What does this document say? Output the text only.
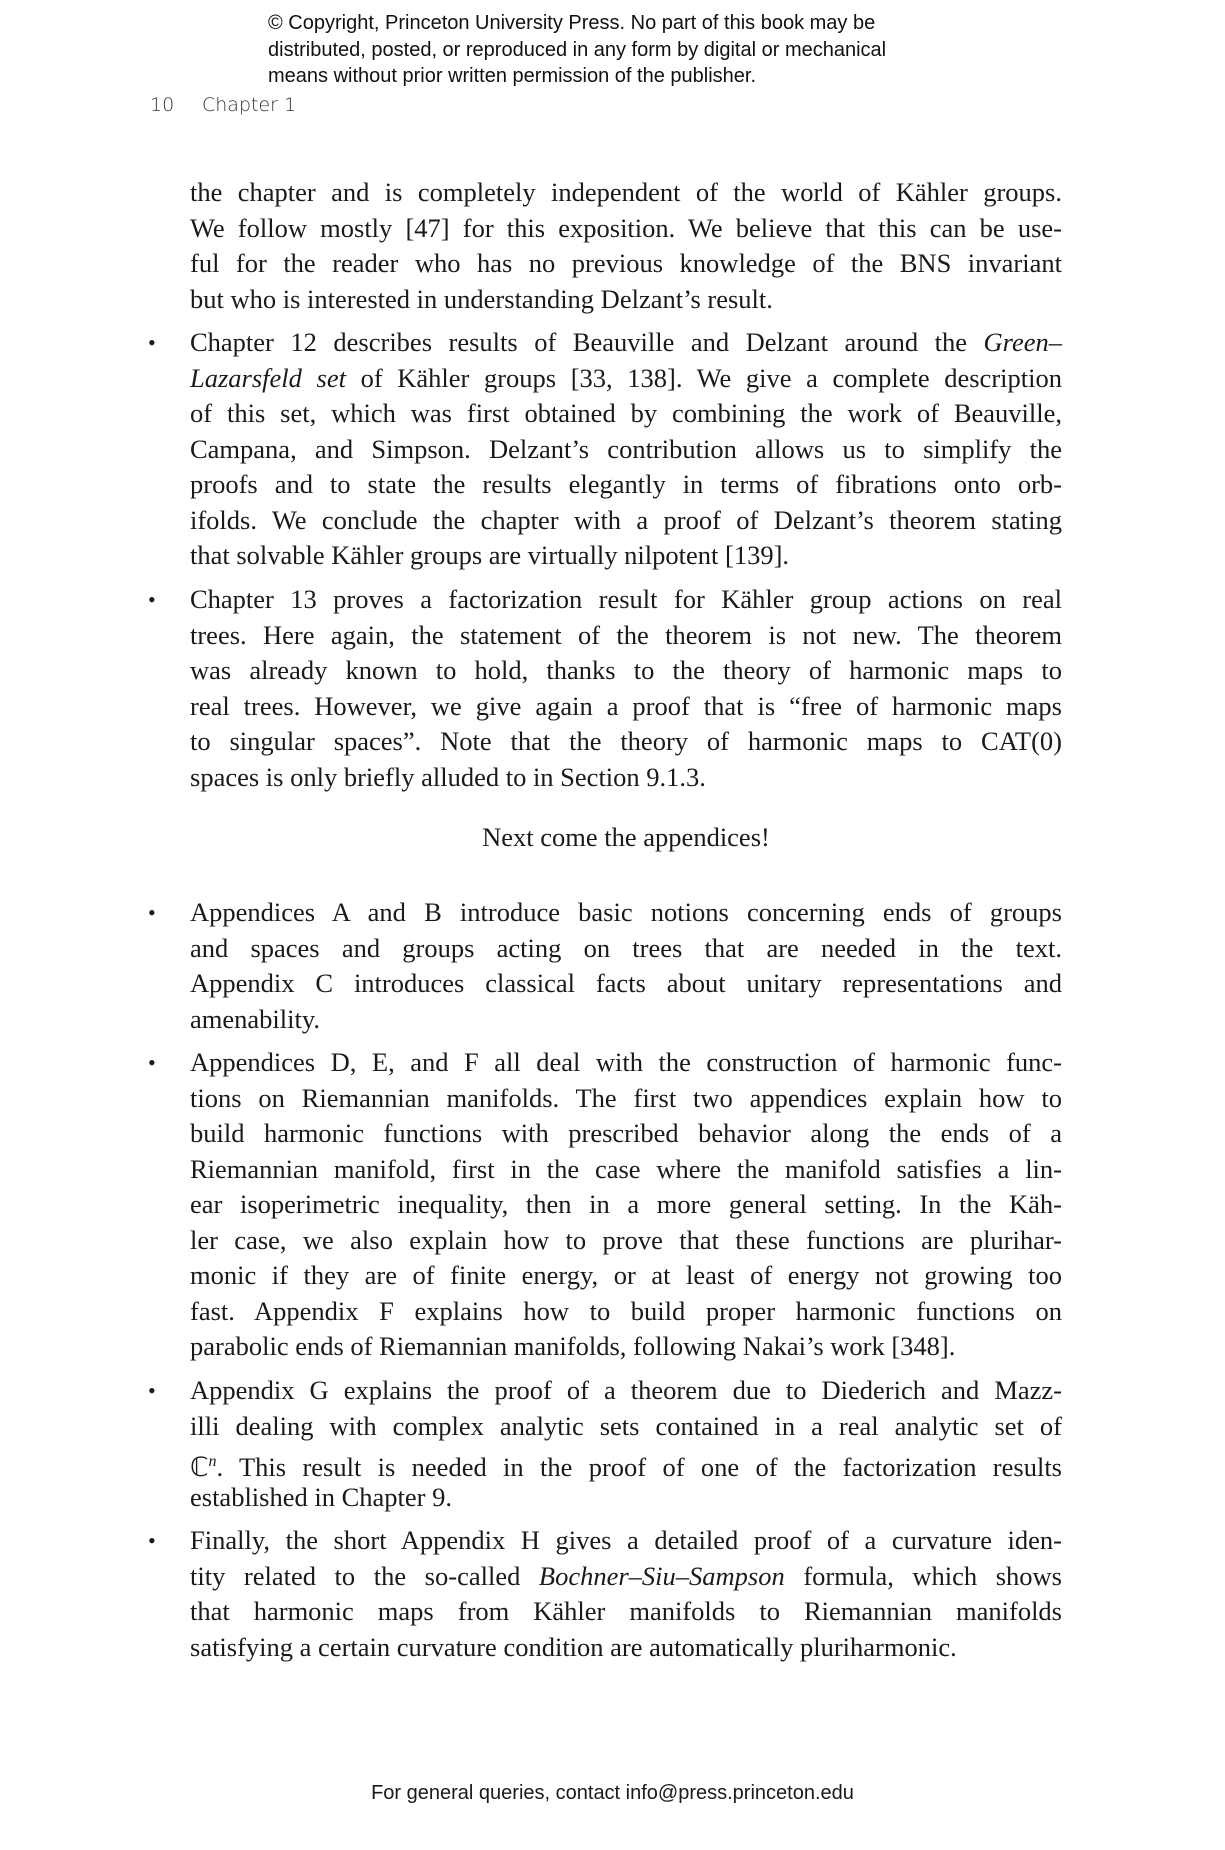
© Copyright, Princeton University Press. No part of this book may be
distributed, posted, or reproduced in any form by digital or mechanical
means without prior written permission of the publisher.
10 Chapter 1
the chapter and is completely independent of the world of Kähler groups.
We follow mostly [47] for this exposition. We believe that this can be use-
ful for the reader who has no previous knowledge of the BNS invariant
but who is interested in understanding Delzant’s result.
• Chapter 12 describes results of Beauville and Delzant around the Green–
Lazarsfeld set of Kähler groups [33, 138]. We give a complete description
of this set, which was first obtained by combining the work of Beauville,
Campana, and Simpson. Delzant’s contribution allows us to simplify the
proofs and to state the results elegantly in terms of fibrations onto orb-
ifolds. We conclude the chapter with a proof of Delzant’s theorem stating
that solvable Kähler groups are virtually nilpotent [139].
• Chapter 13 proves a factorization result for Kähler group actions on real
trees. Here again, the statement of the theorem is not new. The theorem
was already known to hold, thanks to the theory of harmonic maps to
real trees. However, we give again a proof that is “free of harmonic maps
to singular spaces”. Note that the theory of harmonic maps to CAT(0)
spaces is only briefly alluded to in Section 9.1.3.
• Appendices A and B introduce basic notions concerning ends of groups
and spaces and groups acting on trees that are needed in the text.
Appendix C introduces classical facts about unitary representations and
amenability.
• Appendices D, E, and F all deal with the construction of harmonic func-
tions on Riemannian manifolds. The first two appendices explain how to
build harmonic functions with prescribed behavior along the ends of a
Riemannian manifold, first in the case where the manifold satisfies a lin-
ear isoperimetric inequality, then in a more general setting. In the Käh-
ler case, we also explain how to prove that these functions are plurihar-
monic if they are of finite energy, or at least of energy not growing too
fast. Appendix F explains how to build proper harmonic functions on
parabolic ends of Riemannian manifolds, following Nakai’s work [348].
• Appendix G explains the proof of a theorem due to Diederich and Mazz-
illi dealing with complex analytic sets contained in a real analytic set of
ℂ$^n$. This result is needed in the proof of one of the factorization results
established in Chapter 9.
• Finally, the short Appendix H gives a detailed proof of a curvature iden-
tity related to the so-called Bochner–Siu–Sampson formula, which shows
that harmonic maps from Kähler manifolds to Riemannian manifolds
satisfying a certain curvature condition are automatically pluriharmonic.
Next come the appendices!
For general queries, contact info@press.princeton.edu
